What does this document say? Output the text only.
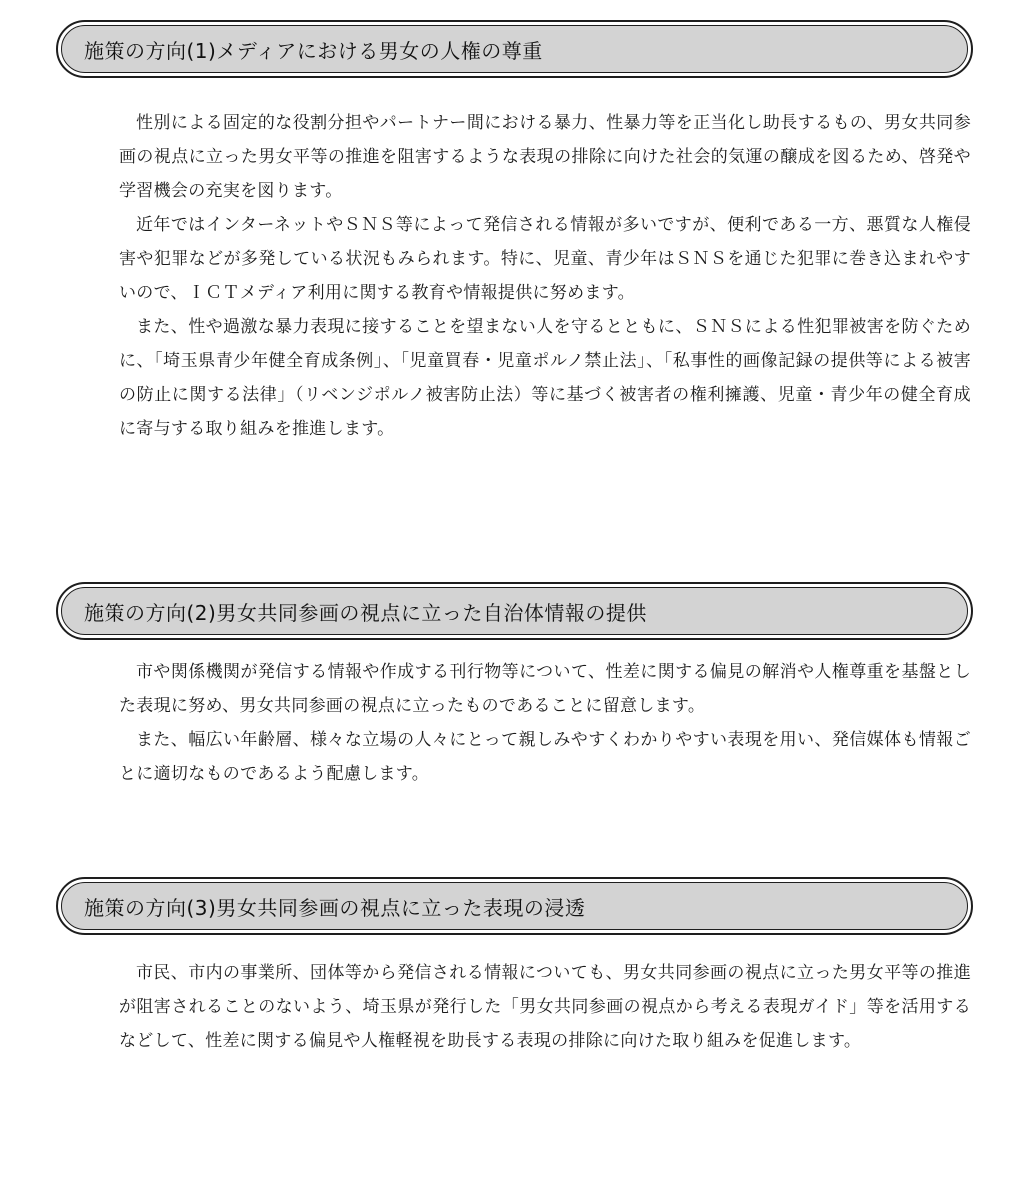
施策の方向(1)メディアにおける男女の人権の尊重

性別による固定的な役割分担やパートナー間における暴力、性暴力等を正当化し助長するもの、男女共同参画の視点に立った男女平等の推進を阻害するような表現の排除に向けた社会的気運の醸成を図るため、啓発や学習機会の充実を図ります。

近年ではインターネットやＳＮＳ等によって発信される情報が多いですが、便利である一方、悪質な人権侵害や犯罪などが多発している状況もみられます。特に、児童、青少年はＳＮＳを通じた犯罪に巻き込まれやすいので、ＩＣＴメディア利用に関する教育や情報提供に努めます。

また、性や過激な暴力表現に接することを望まない人を守るとともに、ＳＮＳによる性犯罪被害を防ぐために、「埼玉県青少年健全育成条例」、「児童買春・児童ポルノ禁止法」、「私事性的画像記録の提供等による被害の防止に関する法律」（リベンジポルノ被害防止法）等に基づく被害者の権利擁護、児童・青少年の健全育成に寄与する取り組みを推進します。

施策の方向(2)男女共同参画の視点に立った自治体情報の提供

市や関係機関が発信する情報や作成する刊行物等について、性差に関する偏見の解消や人権尊重を基盤とした表現に努め、男女共同参画の視点に立ったものであることに留意します。

また、幅広い年齢層、様々な立場の人々にとって親しみやすくわかりやすい表現を用い、発信媒体も情報ごとに適切なものであるよう配慮します。

施策の方向(3)男女共同参画の視点に立った表現の浸透

市民、市内の事業所、団体等から発信される情報についても、男女共同参画の視点に立った男女平等の推進が阻害されることのないよう、埼玉県が発行した「男女共同参画の視点から考える表現ガイド」等を活用するなどして、性差に関する偏見や人権軽視を助長する表現の排除に向けた取り組みを促進します。
